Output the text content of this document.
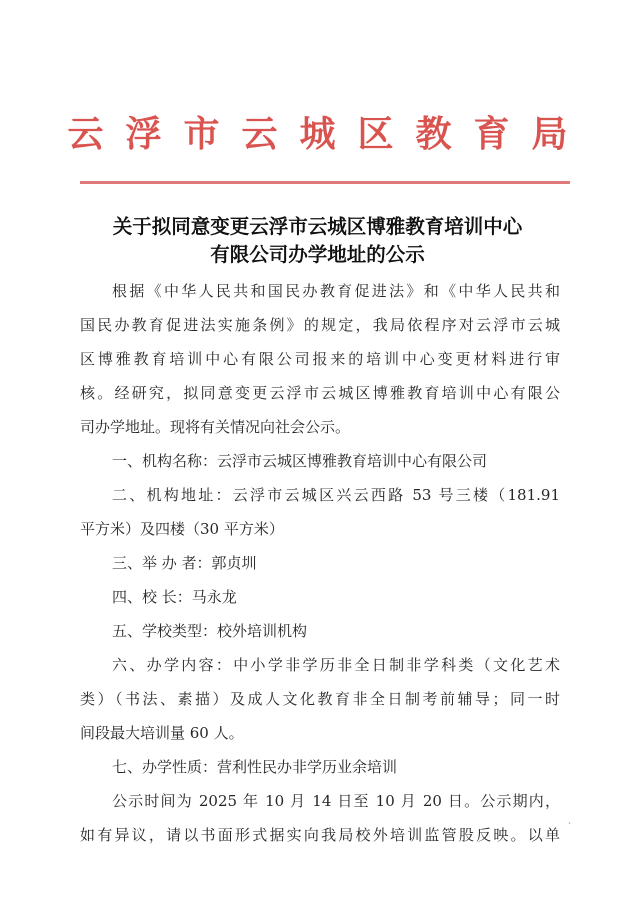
云浮市云城区教育局
关于拟同意变更云浮市云城区博雅教育培训中心
有限公司办学地址的公示
根据《中华人民共和国民办教育促进法》和《中华人民共和
国民办教育促进法实施条例》的规定，我局依程序对云浮市云城
区博雅教育培训中心有限公司报来的培训中心变更材料进行审
核。经研究，拟同意变更云浮市云城区博雅教育培训中心有限公
司办学地址。现将有关情况向社会公示。
一、机构名称：云浮市云城区博雅教育培训中心有限公司
二、机构地址：云浮市云城区兴云西路 53 号三楼（181.91
平方米）及四楼（30 平方米）
三、举 办 者：郭贞圳
四、校 长：马永龙
五、学校类型：校外培训机构
六、办学内容：中小学非学历非全日制非学科类（文化艺术
类）（书法、素描）及成人文化教育非全日制考前辅导；同一时
间段最大培训量 60 人。
七、办学性质：营利性民办非学历业余培训
公示时间为 2025 年 10 月 14 日至 10 月 20 日。公示期内，
如有异议，请以书面形式据实向我局校外培训监管股反映。以单
ˏ
